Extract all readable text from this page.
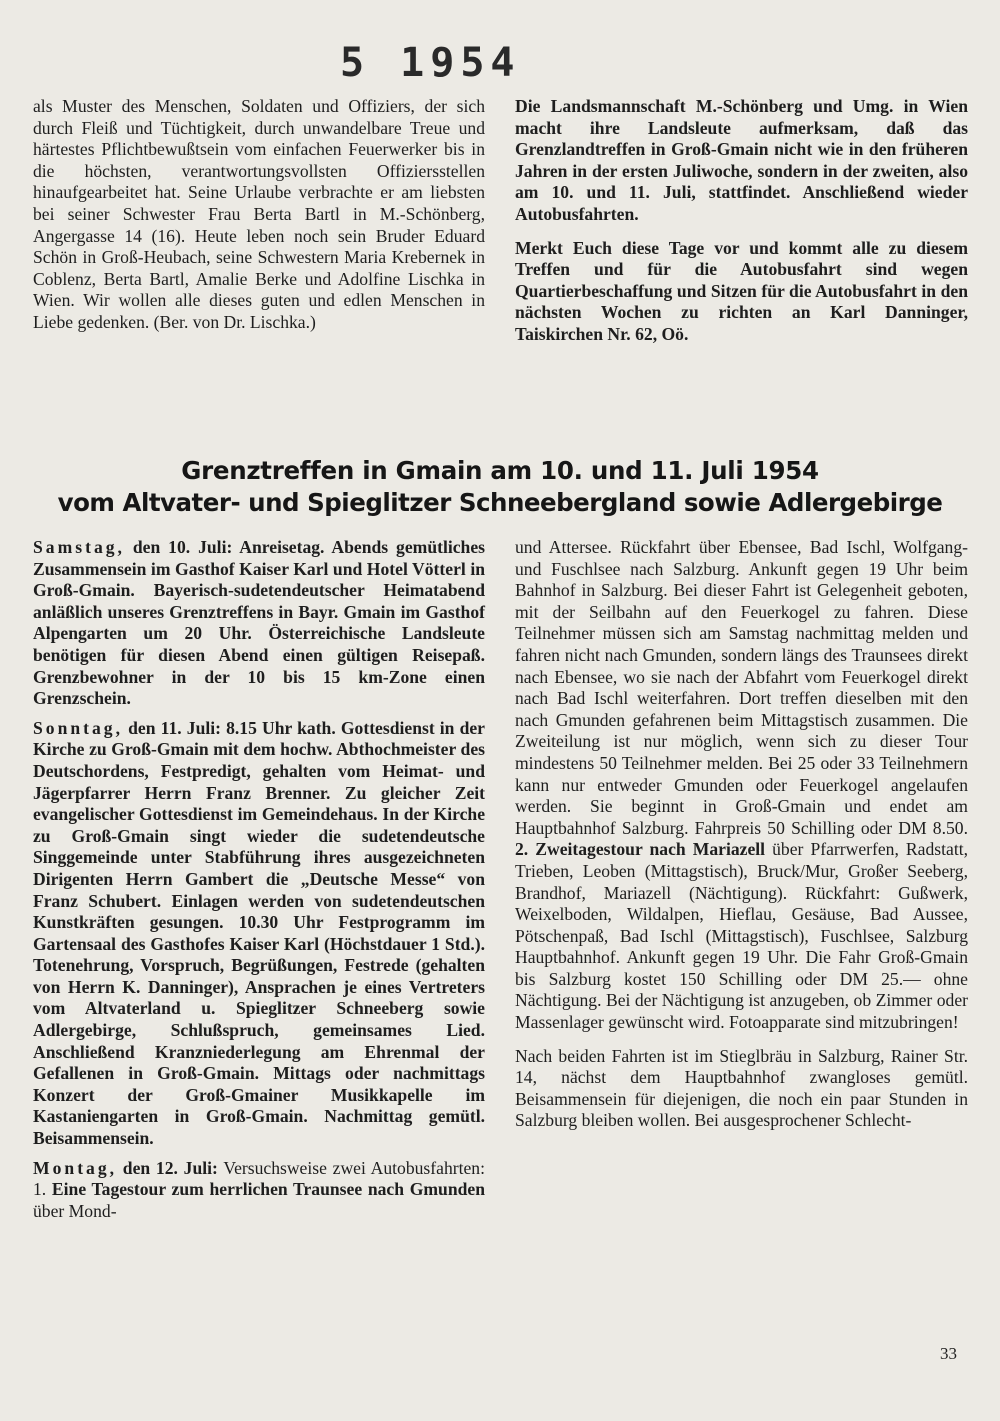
5 1954

als Muster des Menschen, Soldaten und Offiziers, der sich durch Fleiß und Tüchtigkeit, durch unwandelbare Treue und härtestes Pflichtbewußtsein vom einfachen Feuerwerker bis in die höchsten, verantwortungsvollsten Offiziersstellen hinaufgearbeitet hat. Seine Urlaube verbrachte er am liebsten bei seiner Schwester Frau Berta Bartl in M.-Schönberg, Angergasse 14 (16). Heute leben noch sein Bruder Eduard Schön in Groß-Heubach, seine Schwestern Maria Krebernek in Coblenz, Berta Bartl, Amalie Berke und Adolfine Lischka in Wien. Wir wollen alle dieses guten und edlen Menschen in Liebe gedenken. (Ber. von Dr. Lischka.)

Die Landsmannschaft M.-Schönberg und Umg. in Wien macht ihre Landsleute aufmerksam, daß das Grenzlandtreffen in Groß-Gmain nicht wie in den früheren Jahren in der ersten Juliwoche, sondern in der zweiten, also am 10. und 11. Juli, stattfindet. Anschließend wieder Autobusfahrten.

Merkt Euch diese Tage vor und kommt alle zu diesem Treffen und für die Autobusfahrt sind wegen Quartierbeschaffung und Sitzen für die Autobusfahrt in den nächsten Wochen zu richten an Karl Danninger, Taiskirchen Nr. 62, Oö.

Grenztreffen in Gmain am 10. und 11. Juli 1954
vom Altvater- und Spieglitzer Schneebergland sowie Adlergebirge

Samstag, den 10. Juli: Anreisetag. Abends gemütliches Zusammensein im Gasthof Kaiser Karl und Hotel Vötterl in Groß-Gmain. Bayerisch-sudetendeutscher Heimatabend anläßlich unseres Grenztreffens in Bayr. Gmain im Gasthof Alpengarten um 20 Uhr. Österreichische Landsleute benötigen für diesen Abend einen gültigen Reisepaß. Grenzbewohner in der 10 bis 15 km-Zone einen Grenzschein.

Sonntag, den 11. Juli: 8.15 Uhr kath. Gottesdienst in der Kirche zu Groß-Gmain mit dem hochw. Abthochmeister des Deutschordens, Festpredigt, gehalten vom Heimat- und Jägerpfarrer Herrn Franz Brenner. Zu gleicher Zeit evangelischer Gottesdienst im Gemeindehaus. In der Kirche zu Groß-Gmain singt wieder die sudetendeutsche Singgemeinde unter Stabführung ihres ausgezeichneten Dirigenten Herrn Gambert die „Deutsche Messe“ von Franz Schubert. Einlagen werden von sudetendeutschen Kunstkräften gesungen. 10.30 Uhr Festprogramm im Gartensaal des Gasthofes Kaiser Karl (Höchstdauer 1 Std.). Totenehrung, Vorspruch, Begrüßungen, Festrede (gehalten von Herrn K. Danninger), Ansprachen je eines Vertreters vom Altvaterland u. Spieglitzer Schneeberg sowie Adlergebirge, Schlußspruch, gemeinsames Lied. Anschließend Kranzniederlegung am Ehrenmal der Gefallenen in Groß-Gmain. Mittags oder nachmittags Konzert der Groß-Gmainer Musikkapelle im Kastaniengarten in Groß-Gmain. Nachmittag gemütl. Beisammensein.

Montag, den 12. Juli: Versuchsweise zwei Autobusfahrten: 1. Eine Tagestour zum herrlichen Traunsee nach Gmunden über Mond-

und Attersee. Rückfahrt über Ebensee, Bad Ischl, Wolfgang- und Fuschlsee nach Salzburg. Ankunft gegen 19 Uhr beim Bahnhof in Salzburg. Bei dieser Fahrt ist Gelegenheit geboten, mit der Seilbahn auf den Feuerkogel zu fahren. Diese Teilnehmer müssen sich am Samstag nachmittag melden und fahren nicht nach Gmunden, sondern längs des Traunsees direkt nach Ebensee, wo sie nach der Abfahrt vom Feuerkogel direkt nach Bad Ischl weiterfahren. Dort treffen dieselben mit den nach Gmunden gefahrenen beim Mittagstisch zusammen. Die Zweiteilung ist nur möglich, wenn sich zu dieser Tour mindestens 50 Teilnehmer melden. Bei 25 oder 33 Teilnehmern kann nur entweder Gmunden oder Feuerkogel angelaufen werden. Sie beginnt in Groß-Gmain und endet am Hauptbahnhof Salzburg. Fahrpreis 50 Schilling oder DM 8.50. 2. Zweitagestour nach Mariazell über Pfarrwerfen, Radstatt, Trieben, Leoben (Mittagstisch), Bruck/Mur, Großer Seeberg, Brandhof, Mariazell (Nächtigung). Rückfahrt: Gußwerk, Weixelboden, Wildalpen, Hieflau, Gesäuse, Bad Aussee, Pötschenpaß, Bad Ischl (Mittagstisch), Fuschlsee, Salzburg Hauptbahnhof. Ankunft gegen 19 Uhr. Die Fahr Groß-Gmain bis Salzburg kostet 150 Schilling oder DM 25.— ohne Nächtigung. Bei der Nächtigung ist anzugeben, ob Zimmer oder Massenlager gewünscht wird. Fotoapparate sind mitzubringen!

Nach beiden Fahrten ist im Stieglbräu in Salzburg, Rainer Str. 14, nächst dem Hauptbahnhof zwangloses gemütl. Beisammensein für diejenigen, die noch ein paar Stunden in Salzburg bleiben wollen. Bei ausgesprochener Schlecht-

33
